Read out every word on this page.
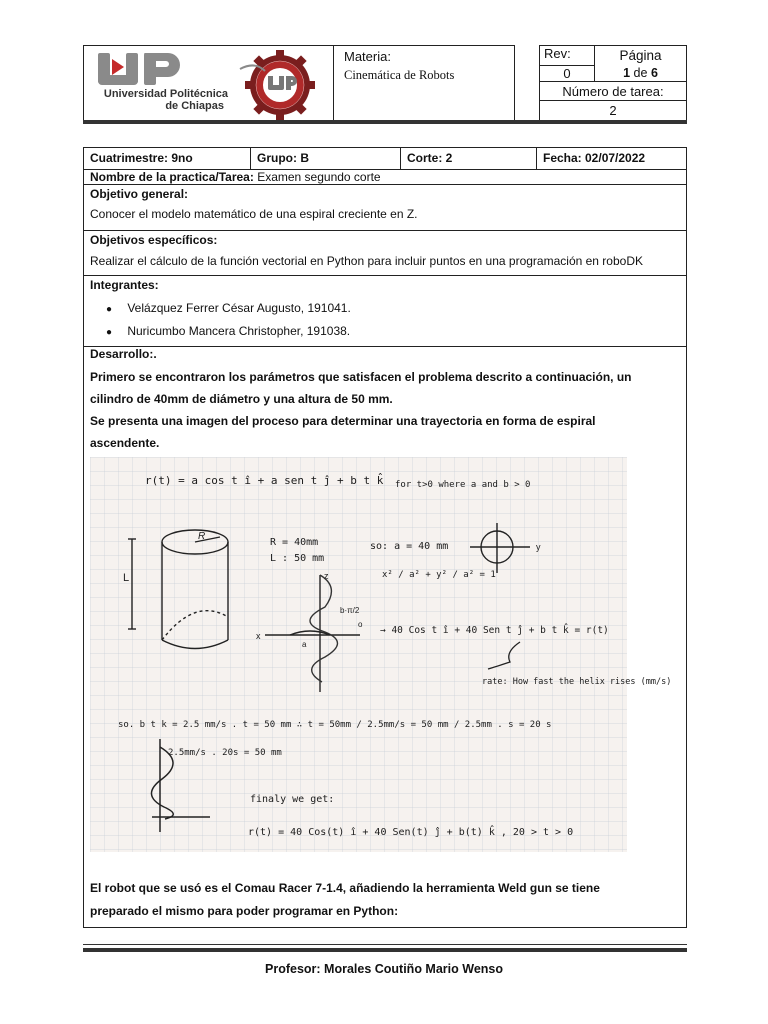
Universidad Politécnica
de Chiapas
Materia:
Cinemática de Robots
Rev:
0
Página
1 de 6
Número de tarea:
2
Cuatrimestre: 9no	Grupo: B	Corte: 2	Fecha: 02/07/2022
Nombre de la practica/Tarea: Examen segundo corte
Objetivo general:
Conocer el modelo matemático de una espiral creciente en Z.
Objetivos específicos:
Realizar el cálculo de la función vectorial en Python para incluir puntos en una programación en roboDK
Integrantes:
● Velázquez Ferrer César Augusto, 191041.
● Nuricumbo Mancera Christopher, 191038.
Desarrollo:.
Primero se encontraron los parámetros que satisfacen el problema descrito a continuación, un
cilindro de 40mm de diámetro y una altura de 50 mm.
Se presenta una imagen del proceso para determinar una trayectoria en forma de espiral
ascendente.
R
L	z
x
b·π/2
a
o
y
r(t) = a cos t î + a sen t ĵ + b t k̂ for t>0 where a and b > 0
R = 40mm
L : 50 mm
so: a = 40 mm
x² / a² + y² / a² = 1
→ 40 Cos t î + 40 Sen t ĵ + b t k̂ = r(t)
rate: How fast the helix rises (mm/s)
so. b t k = 2.5 mm/s . t = 50 mm ∴ t = 50mm / 2.5mm/s = 50 mm / 2.5mm . s = 20 s
2.5mm/s . 20s = 50 mm
finaly we get:
r(t) = 40 Cos(t) î + 40 Sen(t) ĵ + b(t) k̂ , 20 > t > 0
El robot que se usó es el Comau Racer 7-1.4, añadiendo la herramienta Weld gun se tiene
preparado el mismo para poder programar en Python:
Profesor: Morales Coutiño Mario Wenso
